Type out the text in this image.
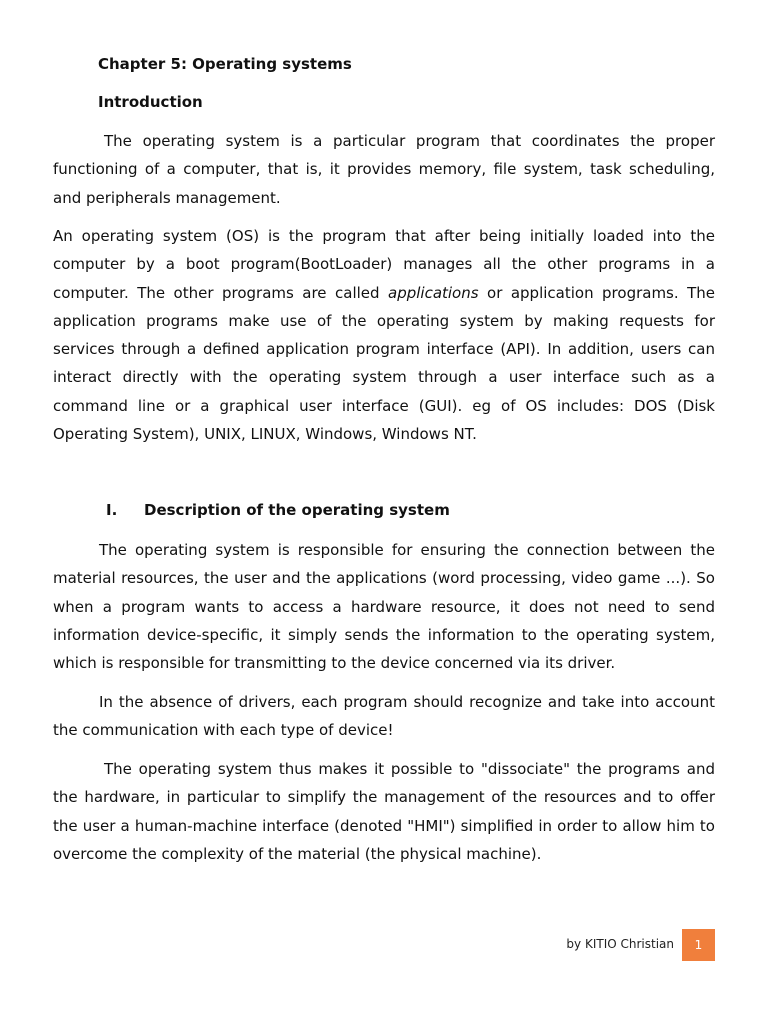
Chapter 5: Operating systems

Introduction

The operating system is a particular program that coordinates the proper functioning of a computer, that is, it provides memory, file system, task scheduling, and peripherals management.

An operating system (OS) is the program that after being initially loaded into the computer by a boot program(BootLoader) manages all the other programs in a computer. The other programs are called applications or application programs. The application programs make use of the operating system by making requests for services through a defined application program interface (API). In addition, users can interact directly with the operating system through a user interface such as a command line or a graphical user interface (GUI). eg of OS includes: DOS (Disk Operating System), UNIX, LINUX, Windows, Windows NT.

I. Description of the operating system

The operating system is responsible for ensuring the connection between the material resources, the user and the applications (word processing, video game ...). So when a program wants to access a hardware resource, it does not need to send information device-specific, it simply sends the information to the operating system, which is responsible for transmitting to the device concerned via its driver.

In the absence of drivers, each program should recognize and take into account the communication with each type of device!

The operating system thus makes it possible to "dissociate" the programs and the hardware, in particular to simplify the management of the resources and to offer the user a human-machine interface (denoted "HMI") simplified in order to allow him to overcome the complexity of the material (the physical machine).

by KITIO Christian	1
